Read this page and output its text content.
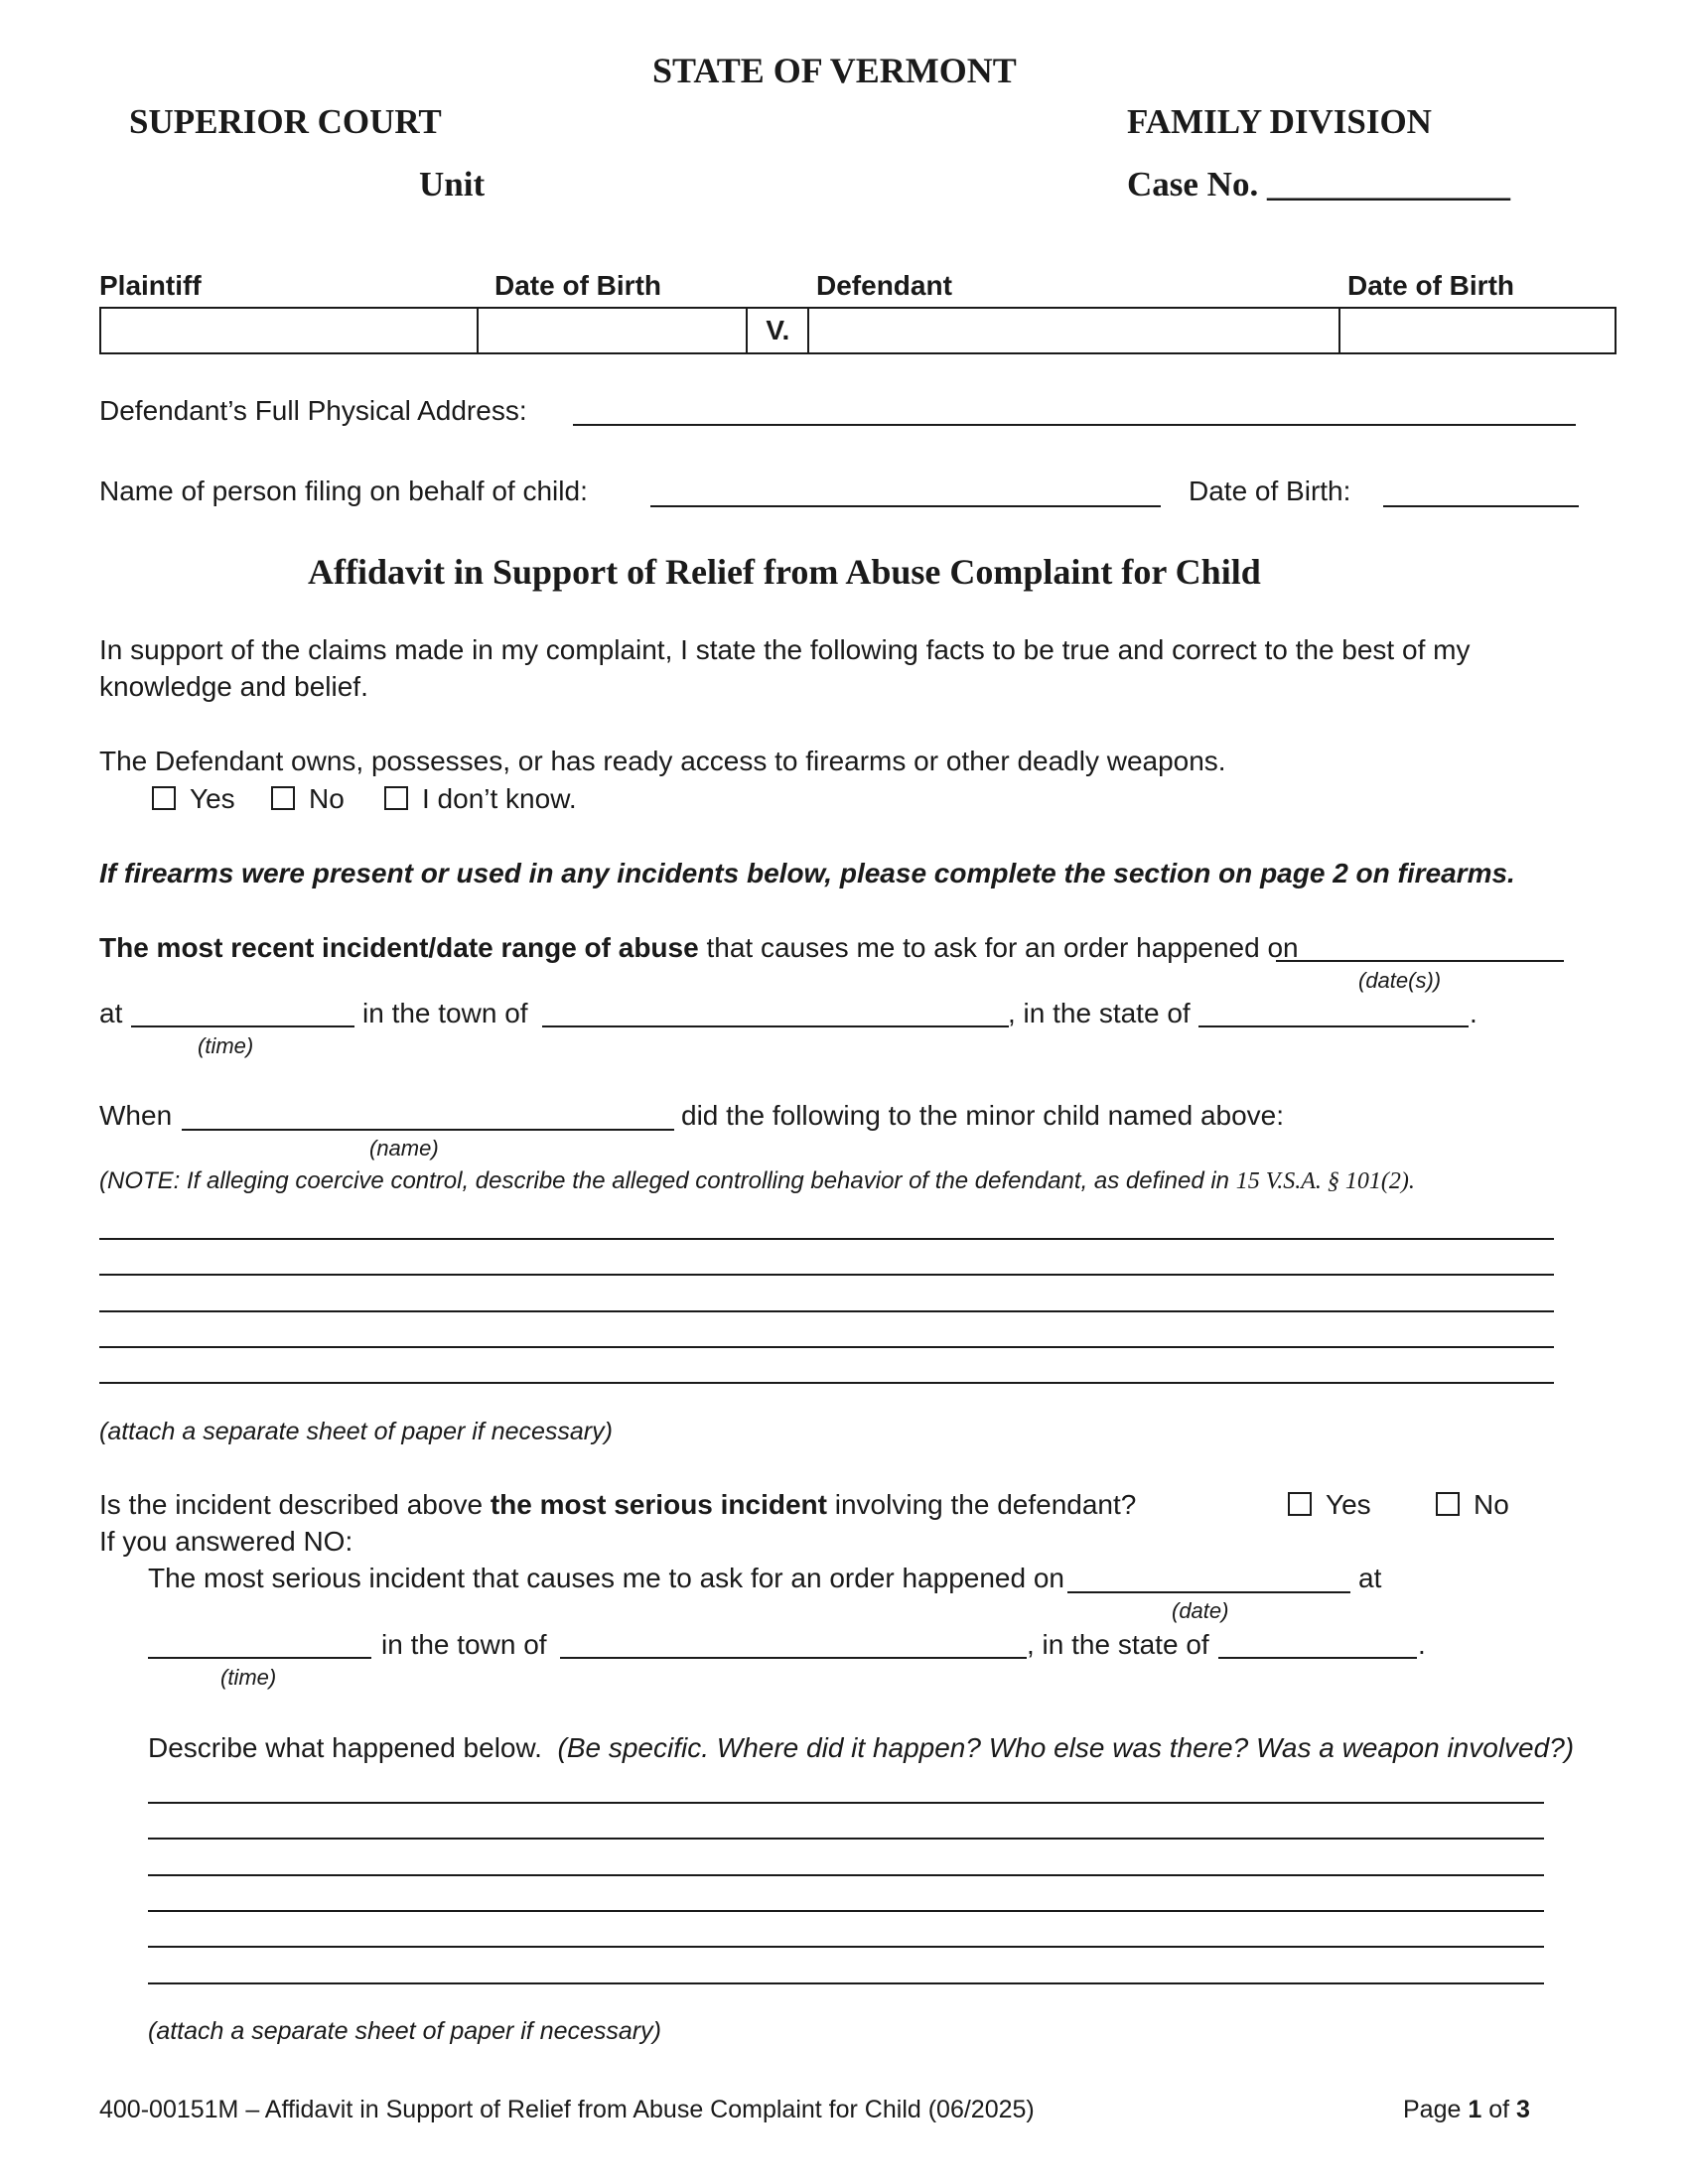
STATE OF VERMONT
SUPERIOR COURT	FAMILY DIVISION
Unit	Case No. ______________
Plaintiff	Date of Birth	Defendant	Date of Birth
		V.		
Defendant’s Full Physical Address:
Name of person filing on behalf of child:	Date of Birth:
Affidavit in Support of Relief from Abuse Complaint for Child
In support of the claims made in my complaint, I state the following facts to be true and correct to the best of my
knowledge and belief.
The Defendant owns, possesses, or has ready access to firearms or other deadly weapons.
Yes	No	I don’t know.
If firearms were present or used in any incidents below, please complete the section on page 2 on firearms.
The most recent incident/date range of abuse that causes me to ask for an order happened on
(date(s))
at
(time)
in the town of	, in the state of	.
When
(name)
did the following to the minor child named above:
(NOTE: If alleging coercive control, describe the alleged controlling behavior of the defendant, as defined in 15 V.S.A. § 101(2).
(attach a separate sheet of paper if necessary)
Is the incident described above the most serious incident involving the defendant?	Yes	No
If you answered NO:
The most serious incident that causes me to ask for an order happened on	at
(date)
(time)
in the town of	, in the state of	.
Describe what happened below. (Be specific. Where did it happen? Who else was there? Was a weapon involved?)
(attach a separate sheet of paper if necessary)
400-00151M – Affidavit in Support of Relief from Abuse Complaint for Child (06/2025)	Page 1 of 3
